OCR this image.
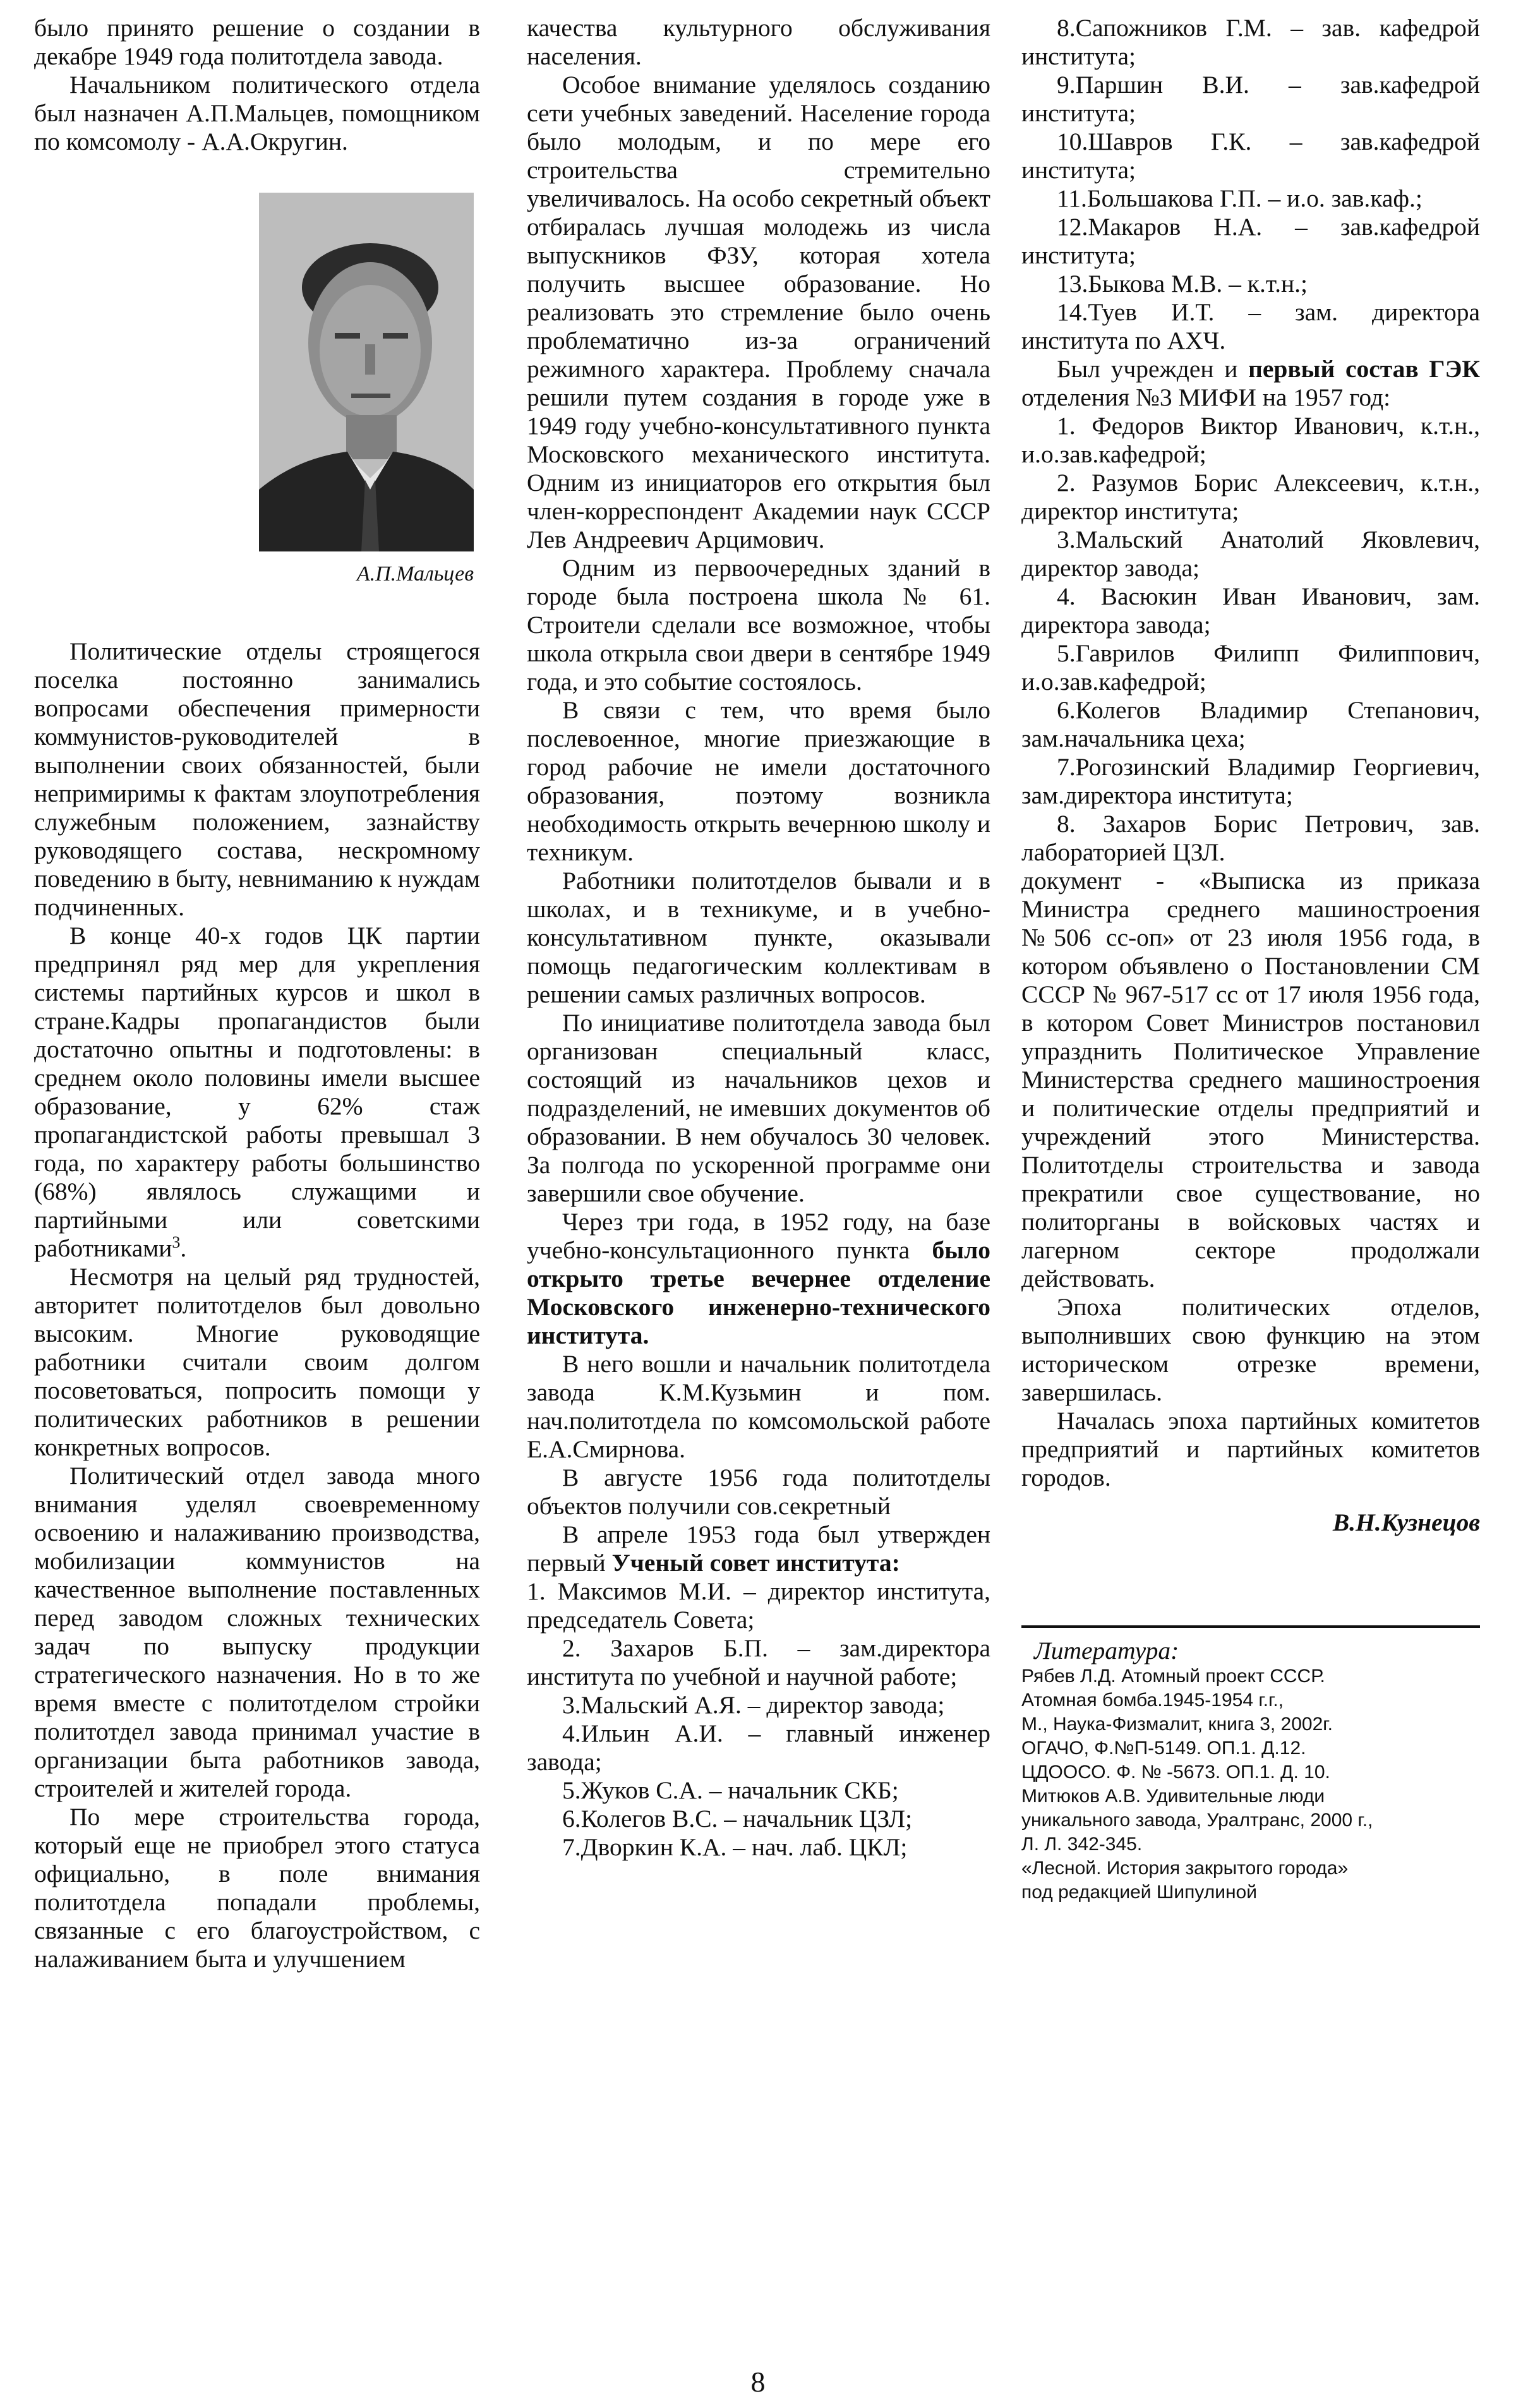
было принято решение о создании в декабре 1949 года политотдела завода.

Начальником политического отдела был назначен А.П.Мальцев, помощником по комсомолу - А.А.Округин.

А.П.Мальцев

Политические отделы строящегося поселка постоянно занимались вопросами обеспечения примерности коммунистов-руководителей в выполнении своих обязанностей, были непримиримы к фактам злоупотребления служебным положением, зазнайству руководящего состава, нескромному поведению в быту, невниманию к нуждам подчиненных.

В конце 40-х годов ЦК партии предпринял ряд мер для укрепления системы партийных курсов и школ в стране.Кадры пропагандистов были достаточно опытны и подготовлены: в среднем около половины имели высшее образование, у 62% стаж пропагандистской работы превышал 3 года, по характеру работы большинство (68%) являлось служащими и партийными или советскими работниками$^3$.

Несмотря на целый ряд трудностей, авторитет политотделов был довольно высоким. Многие руководящие работники считали своим долгом посоветоваться, попросить помощи у политических работников в решении конкретных вопросов.

Политический отдел завода много внимания уделял своевременному освоению и налаживанию производства, мобилизации коммунистов на качественное выполнение поставленных перед заводом сложных технических задач по выпуску продукции стратегического назначения. Но в то же время вместе с политотделом стройки политотдел завода принимал участие в организации быта работников завода, строителей и жителей города.

По мере строительства города, который еще не приобрел этого статуса официально, в поле внимания политотдела попадали проблемы, связанные с его благоустройством, с налаживанием быта и улучшением

качества культурного обслуживания населения.

Особое внимание уделялось созданию сети учебных заведений. Население города было молодым, и по мере его строительства стремительно увеличивалось. На особо секретный объект отбиралась лучшая молодежь из числа выпускников ФЗУ, которая хотела получить высшее образование. Но реализовать это стремление было очень проблематично из-за ограничений режимного характера. Проблему сначала решили путем создания в городе уже в 1949 году учебно-консультативного пункта Московского механического института. Одним из инициаторов его открытия был член-корреспондент Академии наук СССР Лев Андреевич Арцимович.

Одним из первоочередных зданий в городе была построена школа № 61. Строители сделали все возможное, чтобы школа открыла свои двери в сентябре 1949 года, и это событие состоялось.

В связи с тем, что время было послевоенное, многие приезжающие в город рабочие не имели достаточного образования, поэтому возникла необходимость открыть вечернюю школу и техникум.

Работники политотделов бывали и в школах, и в техникуме, и в учебно-консультативном пункте, оказывали помощь педагогическим коллективам в решении самых различных вопросов.

По инициативе политотдела завода был организован специальный класс, состоящий из начальников цехов и подразделений, не имевших документов об образовании. В нем обучалось 30 человек. За полгода по ускоренной программе они завершили свое обучение.

Через три года, в 1952 году, на базе учебно-консультационного пункта было открыто третье вечернее отделение Московского инженерно-технического института.

В него вошли и начальник политотдела завода К.М.Кузьмин и пом. нач.политотдела по комсомольской работе Е.А.Смирнова.

В августе 1956 года политотделы объектов получили сов.секретный

В апреле 1953 года был утвержден первый Ученый совет института:

1. Максимов М.И. – директор института, председатель Совета;

2. Захаров Б.П. – зам.директора института по учебной и научной работе;

3.Мальский А.Я. – директор завода;

4.Ильин А.И. – главный инженер завода;

5.Жуков С.А. – начальник СКБ;

6.Колегов В.С. – начальник ЦЗЛ;

7.Дворкин К.А. – нач. лаб. ЦКЛ;

8.Сапожников Г.М. – зав. кафедрой института;

9.Паршин В.И. – зав.кафедрой института;

10.Шавров Г.К. – зав.кафедрой института;

11.Большакова Г.П. – и.о. зав.каф.;

12.Макаров Н.А. – зав.кафедрой института;

13.Быкова М.В. – к.т.н.;

14.Туев И.Т. – зам. директора института по АХЧ.

Был учрежден и первый состав ГЭК отделения №3 МИФИ на 1957 год:

1. Федоров Виктор Иванович, к.т.н., и.о.зав.кафедрой;

2. Разумов Борис Алексеевич, к.т.н., директор института;

3.Мальский Анатолий Яковлевич, директор завода;

4. Васюкин Иван Иванович, зам. директора завода;

5.Гаврилов Филипп Филиппович, и.о.зав.кафедрой;

6.Колегов Владимир Степанович, зам.начальника цеха;

7.Рогозинский Владимир Георгиевич, зам.директора института;

8. Захаров Борис Петрович, зав. лабораторией ЦЗЛ.

документ - «Выписка из приказа Министра среднего машиностроения №506 сс-оп» от 23 июля 1956 года, в котором объявлено о Постановлении СМ СССР № 967-517 сс от 17 июля 1956 года, в котором Совет Министров постановил упразднить Политическое Управление Министерства среднего машиностроения и политические отделы предприятий и учреждений этого Министерства. Политотделы строительства и завода прекратили свое существование, но политорганы в войсковых частях и лагерном секторе продолжали действовать.

Эпоха политических отделов, выполнивших свою функцию на этом историческом отрезке времени, завершилась.

Началась эпоха партийных комитетов предприятий и партийных комитетов городов.

В.Н.Кузнецов
Литература:

Рябев Л.Д. Атомный проект СССР.

Атомная бомба.1945-1954 г.г.,

М., Наука-Физмалит, книга 3, 2002г.

ОГАЧО, Ф.№П-5149. ОП.1. Д.12.

ЦДООСО. Ф. № -5673. ОП.1. Д. 10.

Митюков А.В. Удивительные люди

уникального завода, Уралтранс, 2000 г.,

Л. Л. 342-345.

«Лесной. История закрытого города»

под редакцией Шипулиной

8
